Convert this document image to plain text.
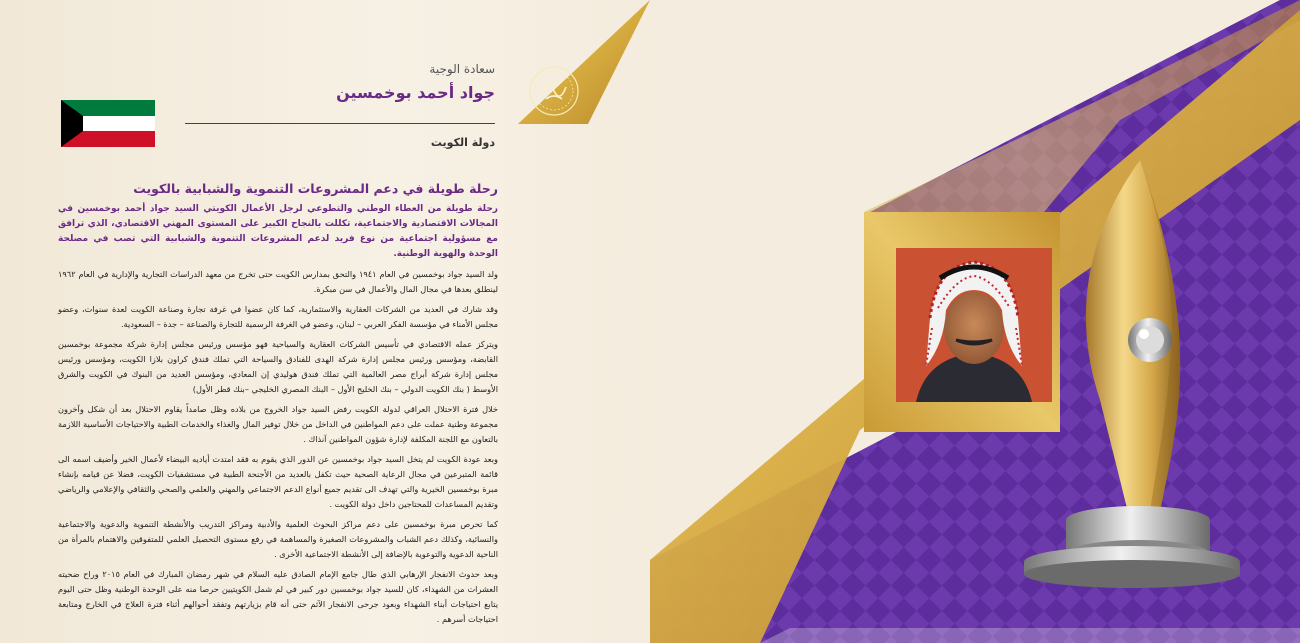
سعادة الوجية

جواد أحمد بوخمسين

دولة الكويت
رحلة طويلة في دعم المشروعات التنموية والشبابية بالكويت

رحلة طويلة من العطاء الوطني والتطوعي لرجل الأعمال الكويتي السيد جواد أحمد بوخمسين في المجالات الاقتصادية والاجتماعية، تكللت بالنجاح الكبير على المستوى المهني الاقتصادي، الذي ترافق مع مسؤولية اجتماعية من نوع فريد لدعم المشروعات التنموية والشبابية التي تصب في مصلحة الوحدة والهوية الوطنية.

ولد السيد جواد بوخمسين في العام ١٩٤١ والتحق بمدارس الكويت حتى تخرج من معهد الدراسات التجارية والإدارية في العام ١٩٦٢ لينطلق بعدها في مجال المال والأعمال في سن مبكرة.

وقد شارك في العديد من الشركات العقارية والاستثمارية، كما كان عضوا في غرفة تجارة وصناعة الكويت لعدة سنوات، وعضو مجلس الأمناء في مؤسسة الفكر العربي – لبنان، وعضو في الغرفة الرسمية للتجارة والصناعة – جدة – السعودية.

ويتركز عمله الاقتصادي في تأسيس الشركات العقارية والسياحية فهو مؤسس ورئيس مجلس إدارة شركة مجموعة بوخمسين القابضة، ومؤسس ورئيس مجلس إدارة شركة الهدى للفنادق والسياحة التي تملك فندق كراون بلازا الكويت، ومؤسس ورئيس مجلس إدارة شركة أبراج مصر العالمية التي تملك فندق هوليدي إن المعادي، ومؤسس العديد من البنوك في الكويت والشرق الأوسط ( بنك الكويت الدولي – بنك الخليج الأول – البنك المصري الخليجي –بنك قطر الأول)

خلال فترة الاحتلال العراقي لدولة الكويت رفض السيد جواد الخروج من بلاده وظل صامداً يقاوم الاحتلال بعد أن شكل وآخرون مجموعة وطنية عملت على دعم المواطنين في الداخل من خلال توفير المال والغذاء والخدمات الطبية والاحتياجات الأساسية اللازمة بالتعاون مع اللجنة المكلفة لإدارة شؤون المواطنين آنذاك .

وبعد عودة الكويت لم يتخل السيد جواد بوخمسين عن الدور الذي يقوم به فقد امتدت أياديه البيضاء لأعمال الخير وأضيف اسمه الى قائمة المتبرعين في مجال الرعاية الصحية حيث تكفل بالعديد من الأجنحة الطبية في مستشفيات الكويت، فضلا عن قيامه بإنشاء مبرة بوخمسين الخيرية والتي تهدف الى تقديم جميع أنواع الدعم الاجتماعي والمهني والعلمي والصحي والثقافي والإعلامي والرياضي وتقديم المساعدات للمحتاجين داخل دولة الكويت .

كما تحرص مبرة بوخمسين على دعم مراكز البحوث العلمية والأدبية ومراكز التدريب والأنشطة التنموية والدعوية والاجتماعية والنسائية، وكذلك دعم الشباب والمشروعات الصغيرة والمساهمة في رفع مستوى التحصيل العلمي للمتفوقين والاهتمام بالمرأة من الناحية الدعوية والتوعوية بالإضافة إلى الأنشطة الاجتماعية الأخرى .

وبعد حدوث الانفجار الإرهابي الذي طال جامع الإمام الصادق عليه السلام في شهر رمضان المبارك في العام ٢٠١٥ وراح ضحيته العشرات من الشهداء، كان للسيد جواد بوخمسين دور كبير في لم شمل الكويتيين حرصا منه على الوحدة الوطنية وظل حتى اليوم يتابع احتياجات أبناء الشهداء وبعود جرحى الانفجار الآثم حتى أنه قام بزيارتهم وتفقد أحوالهم أثناء فترة العلاج في الخارج ومتابعة احتياجات أسرهم .
